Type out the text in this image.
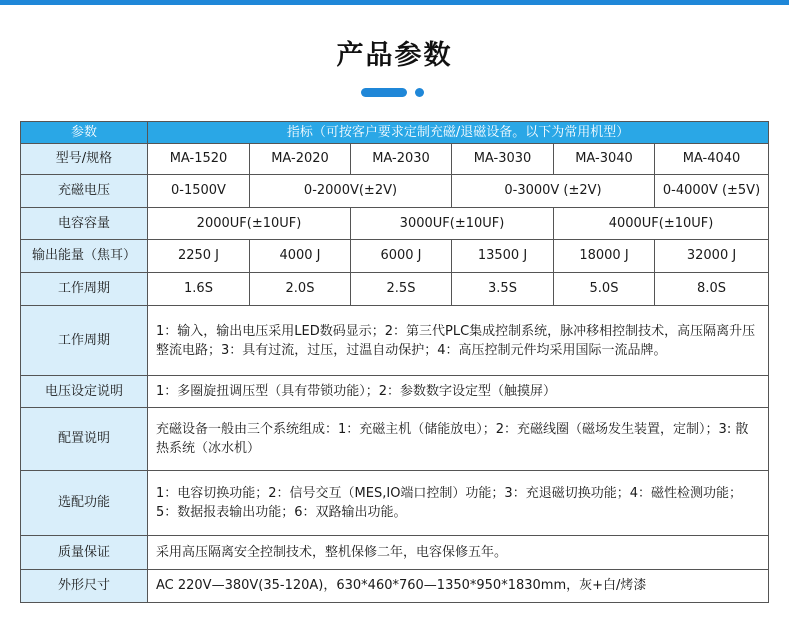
产品参数
参数	指标（可按客户要求定制充磁/退磁设备。以下为常用机型）					
型号/规格	MA-1520	MA-2020	MA-2030	MA-3030	MA-3040	MA-4040
充磁电压	0-1500V	0-2000V(±2V)		0-3000V (±2V)		0-4000V (±5V)
电容容量	2000UF(±10UF)		3000UF(±10UF)		4000UF(±10UF)	
输出能量（焦耳）	2250 J	4000 J	6000 J	13500 J	18000 J	32000 J
工作周期	1.6S	2.0S	2.5S	3.5S	5.0S	8.0S
工作周期	1：输入，输出电压采用LED数码显示；2：第三代PLC集成控制系统，脉冲移相控制技术，高压隔离升压整流电路；3：具有过流，过压，过温自动保护；4：高压控制元件均采用国际一流品牌。					
电压设定说明	1：多圈旋扭调压型（具有带锁功能）；2：参数数字设定型（触摸屏）					
配置说明	充磁设备一般由三个系统组成：1：充磁主机（储能放电）；2：充磁线圈（磁场发生装置，定制）；3: 散热系统（冰水机）					
选配功能	1：电容切换功能；2：信号交互（MES,IO端口控制）功能；3：充退磁切换功能；4：磁性检测功能；5：数据报表输出功能；6：双路输出功能。					
质量保证	采用高压隔离安全控制技术，整机保修二年，电容保修五年。					
外形尺寸	AC 220V—380V(35-120A)，630*460*760—1350*950*1830mm，灰+白/烤漆					
